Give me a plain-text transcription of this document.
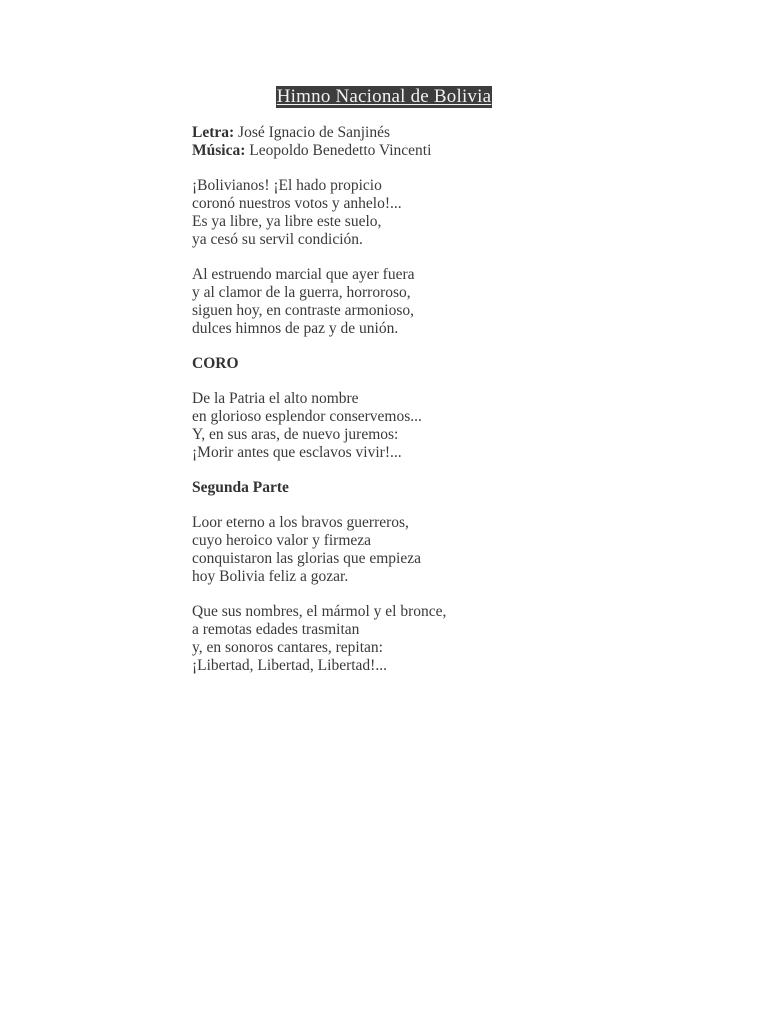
Himno Nacional de Bolivia

Letra: José Ignacio de Sanjinés

Música: Leopoldo Benedetto Vincenti

¡Bolivianos! ¡El hado propicio
coronó nuestros votos y anhelo!...
Es ya libre, ya libre este suelo,
ya cesó su servil condición.
Al estruendo marcial que ayer fuera
y al clamor de la guerra, horroroso,
siguen hoy, en contraste armonioso,
dulces himnos de paz y de unión.
CORO
De la Patria el alto nombre
en glorioso esplendor conservemos...
Y, en sus aras, de nuevo juremos:
¡Morir antes que esclavos vivir!...
Segunda Parte
Loor eterno a los bravos guerreros,
cuyo heroico valor y firmeza
conquistaron las glorias que empieza
hoy Bolivia feliz a gozar.
Que sus nombres, el mármol y el bronce,
a remotas edades trasmitan
y, en sonoros cantares, repitan:
¡Libertad, Libertad, Libertad!...
